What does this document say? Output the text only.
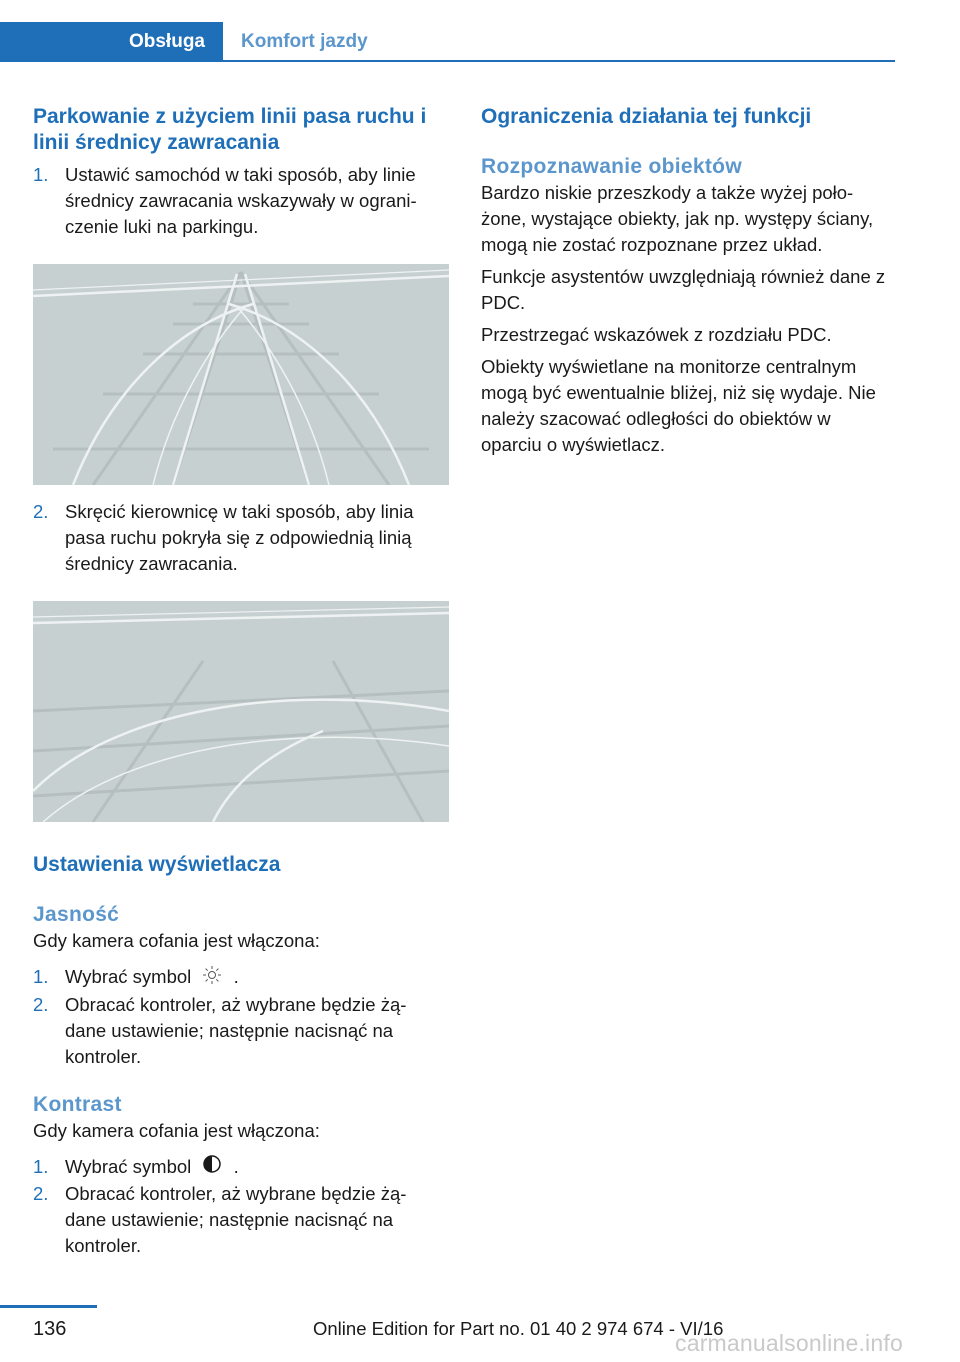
Obsługa	Komfort jazdy
Parkowanie z użyciem linii pasa ruchu i linii średnicy zawracania
1. Ustawić samochód w taki sposób, aby linie średnicy zawracania wskazywały w ograni‐ czenie luki na parkingu.
2. Skręcić kierownicę w taki sposób, aby linia pasa ruchu pokryła się z odpowiednią linią średnicy zawracania.
Ustawienia wyświetlacza
Jasność

Gdy kamera cofania jest włączona:

1. Wybrać symbol .
2. Obracać kontroler, aż wybrane będzie żą‐ dane ustawienie; następnie nacisnąć na kontroler.
Kontrast

Gdy kamera cofania jest włączona:

1. Wybrać symbol .
2. Obracać kontroler, aż wybrane będzie żą‐ dane ustawienie; następnie nacisnąć na kontroler.
Ograniczenia działania tej funkcji
Rozpoznawanie obiektów

Bardzo niskie przeszkody a także wyżej poło‐ żone, wystające obiekty, jak np. występy ściany, mogą nie zostać rozpoznane przez układ.

Funkcje asystentów uwzględniają również dane z PDC.

Przestrzegać wskazówek z rozdziału PDC.

Obiekty wyświetlane na monitorze centralnym mogą być ewentualnie bliżej, niż się wydaje. Nie należy szacować odległości do obiektów w oparciu o wyświetlacz.

136	Online Edition for Part no. 01 40 2 974 674 - VI/16
carmanualsonline.info
